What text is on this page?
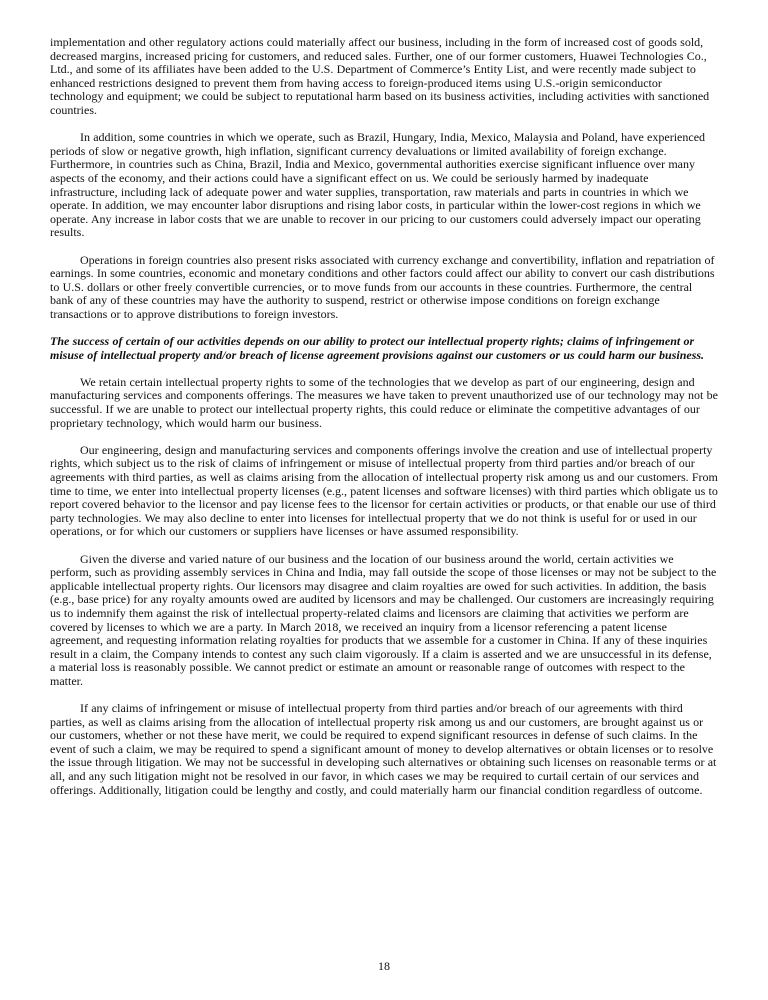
implementation and other regulatory actions could materially affect our business, including in the form of increased cost of goods sold, decreased margins, increased pricing for customers, and reduced sales. Further, one of our former customers, Huawei Technologies Co., Ltd., and some of its affiliates have been added to the U.S. Department of Commerce’s Entity List, and were recently made subject to enhanced restrictions designed to prevent them from having access to foreign-produced items using U.S.-origin semiconductor technology and equipment; we could be subject to reputational harm based on its business activities, including activities with sanctioned countries.
In addition, some countries in which we operate, such as Brazil, Hungary, India, Mexico, Malaysia and Poland, have experienced periods of slow or negative growth, high inflation, significant currency devaluations or limited availability of foreign exchange. Furthermore, in countries such as China, Brazil, India and Mexico, governmental authorities exercise significant influence over many aspects of the economy, and their actions could have a significant effect on us. We could be seriously harmed by inadequate infrastructure, including lack of adequate power and water supplies, transportation, raw materials and parts in countries in which we operate. In addition, we may encounter labor disruptions and rising labor costs, in particular within the lower-cost regions in which we operate. Any increase in labor costs that we are unable to recover in our pricing to our customers could adversely impact our operating results.
Operations in foreign countries also present risks associated with currency exchange and convertibility, inflation and repatriation of earnings. In some countries, economic and monetary conditions and other factors could affect our ability to convert our cash distributions to U.S. dollars or other freely convertible currencies, or to move funds from our accounts in these countries. Furthermore, the central bank of any of these countries may have the authority to suspend, restrict or otherwise impose conditions on foreign exchange transactions or to approve distributions to foreign investors.
The success of certain of our activities depends on our ability to protect our intellectual property rights; claims of infringement or misuse of intellectual property and/or breach of license agreement provisions against our customers or us could harm our business.
We retain certain intellectual property rights to some of the technologies that we develop as part of our engineering, design and manufacturing services and components offerings. The measures we have taken to prevent unauthorized use of our technology may not be successful. If we are unable to protect our intellectual property rights, this could reduce or eliminate the competitive advantages of our proprietary technology, which would harm our business.
Our engineering, design and manufacturing services and components offerings involve the creation and use of intellectual property rights, which subject us to the risk of claims of infringement or misuse of intellectual property from third parties and/or breach of our agreements with third parties, as well as claims arising from the allocation of intellectual property risk among us and our customers. From time to time, we enter into intellectual property licenses (e.g., patent licenses and software licenses) with third parties which obligate us to report covered behavior to the licensor and pay license fees to the licensor for certain activities or products, or that enable our use of third party technologies. We may also decline to enter into licenses for intellectual property that we do not think is useful for or used in our operations, or for which our customers or suppliers have licenses or have assumed responsibility.
Given the diverse and varied nature of our business and the location of our business around the world, certain activities we perform, such as providing assembly services in China and India, may fall outside the scope of those licenses or may not be subject to the applicable intellectual property rights. Our licensors may disagree and claim royalties are owed for such activities. In addition, the basis (e.g., base price) for any royalty amounts owed are audited by licensors and may be challenged. Our customers are increasingly requiring us to indemnify them against the risk of intellectual property-related claims and licensors are claiming that activities we perform are covered by licenses to which we are a party. In March 2018, we received an inquiry from a licensor referencing a patent license agreement, and requesting information relating royalties for products that we assemble for a customer in China. If any of these inquiries result in a claim, the Company intends to contest any such claim vigorously. If a claim is asserted and we are unsuccessful in its defense, a material loss is reasonably possible. We cannot predict or estimate an amount or reasonable range of outcomes with respect to the matter.
If any claims of infringement or misuse of intellectual property from third parties and/or breach of our agreements with third parties, as well as claims arising from the allocation of intellectual property risk among us and our customers, are brought against us or our customers, whether or not these have merit, we could be required to expend significant resources in defense of such claims. In the event of such a claim, we may be required to spend a significant amount of money to develop alternatives or obtain licenses or to resolve the issue through litigation. We may not be successful in developing such alternatives or obtaining such licenses on reasonable terms or at all, and any such litigation might not be resolved in our favor, in which cases we may be required to curtail certain of our services and offerings. Additionally, litigation could be lengthy and costly, and could materially harm our financial condition regardless of outcome.
18
